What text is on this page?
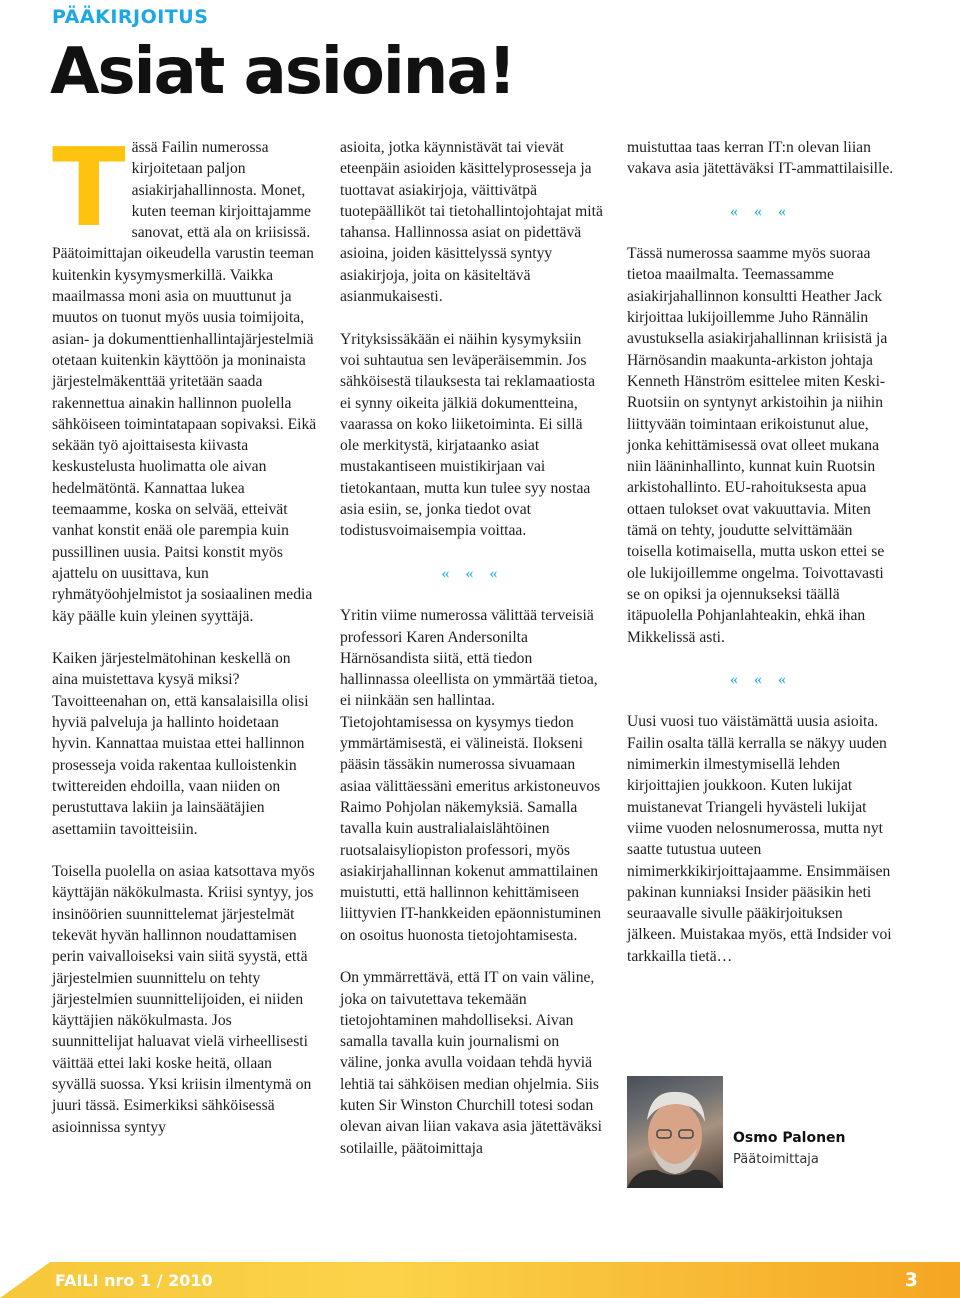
PÄÄKIRJOITUS
Asiat asioina!

Tässä Failin numerossa kirjoitetaan paljon asiakirjahallinnosta. Monet, kuten teeman kirjoittajamme sanovat, että ala on kriisissä. Päätoimittajan oikeudella varustin teeman kuitenkin kysymysmerkillä. Vaikka maailmassa moni asia on muuttunut ja muutos on tuonut myös uusia toimijoita, asian- ja dokumenttienhallintajärjestelmiä otetaan kuitenkin käyttöön ja moninaista järjestelmäkenttää yritetään saada rakennettua ainakin hallinnon puolella sähköiseen toimintatapaan sopivaksi. Eikä sekään työ ajoittaisesta kiivasta keskustelusta huolimatta ole aivan hedelmätöntä. Kannattaa lukea teemaamme, koska on selvää, etteivät vanhat konstit enää ole parempia kuin pussillinen uusia. Paitsi konstit myös ajattelu on uusittava, kun ryhmätyöohjelmistot ja sosiaalinen media käy päälle kuin yleinen syyttäjä.

Kaiken järjestelmätohinan keskellä on aina muistettava kysyä miksi? Tavoitteenahan on, että kansalaisilla olisi hyviä palveluja ja hallinto hoidetaan hyvin. Kannattaa muistaa ettei hallinnon prosesseja voida rakentaa kulloistenkin twittereiden ehdoilla, vaan niiden on perustuttava lakiin ja lainsäätäjien asettamiin tavoitteisiin.

Toisella puolella on asiaa katsottava myös käyttäjän näkökulmasta. Kriisi syntyy, jos insinöörien suunnittelemat järjestelmät tekevät hyvän hallinnon noudattamisen perin vaivalloiseksi vain siitä syystä, että järjestelmien suunnittelu on tehty järjestelmien suunnittelijoiden, ei niiden käyttäjien näkökulmasta. Jos suunnittelijat haluavat vielä virheellisesti väittää ettei laki koske heitä, ollaan syvällä suossa. Yksi kriisin ilmentymä on juuri tässä. Esimerkiksi sähköisessä asioinnissa syntyy

asioita, jotka käynnistävät tai vievät eteenpäin asioiden käsittelyprosesseja ja tuottavat asiakirjoja, väittivätpä tuotepäälliköt tai tietohallintojohtajat mitä tahansa. Hallinnossa asiat on pidettävä asioina, joiden käsittelyssä syntyy asiakirjoja, joita on käsiteltävä asianmukaisesti.

Yrityksissäkään ei näihin kysymyksiin voi suhtautua sen leväperäisemmin. Jos sähköisestä tilauksesta tai reklamaatiosta ei synny oikeita jälkiä dokumentteina, vaarassa on koko liiketoiminta. Ei sillä ole merkitystä, kirjataanko asiat mustakantiseen muistikirjaan vai tietokantaan, mutta kun tulee syy nostaa asia esiin, se, jonka tiedot ovat todistusvoimaisempia voittaa.

« « «

Yritin viime numerossa välittää terveisiä professori Karen Andersonilta Härnösandista siitä, että tiedon hallinnassa oleellista on ymmärtää tietoa, ei niinkään sen hallintaa. Tietojohtamisessa on kysymys tiedon ymmärtämisestä, ei välineistä. Ilokseni pääsin tässäkin numerossa sivuamaan asiaa välittäessäni emeritus arkistoneuvos Raimo Pohjolan näkemyksiä. Samalla tavalla kuin australialaislähtöinen ruotsalaisyliopiston professori, myös asiakirjahallinnan kokenut ammattilainen muistutti, että hallinnon kehittämiseen liittyvien IT-hankkeiden epäonnistuminen on osoitus huonosta tietojohtamisesta.

On ymmärrettävä, että IT on vain väline, joka on taivutettava tekemään tietojohtaminen mahdolliseksi. Aivan samalla tavalla kuin journalismi on väline, jonka avulla voidaan tehdä hyviä lehtiä tai sähköisen median ohjelmia. Siis kuten Sir Winston Churchill totesi sodan olevan aivan liian vakava asia jätettäväksi sotilaille, päätoimittaja

muistuttaa taas kerran IT:n olevan liian vakava asia jätettäväksi IT-ammattilaisille.

« « «

Tässä numerossa saamme myös suoraa tietoa maailmalta. Teemassamme asiakirjahallinnon konsultti Heather Jack kirjoittaa lukijoillemme Juho Rännälin avustuksella asiakirjahallinnan kriisistä ja Härnösandin maakunta-arkiston johtaja Kenneth Hänström esittelee miten Keski-Ruotsiin on syntynyt arkistoihin ja niihin liittyvään toimintaan erikoistunut alue, jonka kehittämisessä ovat olleet mukana niin lääninhallinto, kunnat kuin Ruotsin arkistohallinto. EU-rahoituksesta apua ottaen tulokset ovat vakuuttavia. Miten tämä on tehty, joudutte selvittämään toisella kotimaisella, mutta uskon ettei se ole lukijoillemme ongelma. Toivottavasti se on opiksi ja ojennukseksi täällä itäpuolella Pohjanlahteakin, ehkä ihan Mikkelissä asti.

« « «

Uusi vuosi tuo väistämättä uusia asioita. Failin osalta tällä kerralla se näkyy uuden nimimerkin ilmestymisellä lehden kirjoittajien joukkoon. Kuten lukijat muistanevat Triangeli hyvästeli lukijat viime vuoden nelosnumerossa, mutta nyt saatte tutustua uuteen nimimerkkikirjoittajaamme. Ensimmäisen pakinan kunniaksi Insider pääsikin heti seuraavalle sivulle pääkirjoituksen jälkeen. Muistakaa myös, että Indsider voi tarkkailla tietä…

Osmo Palonen
Päätoimittaja
FAILI nro 1 / 2010	3
